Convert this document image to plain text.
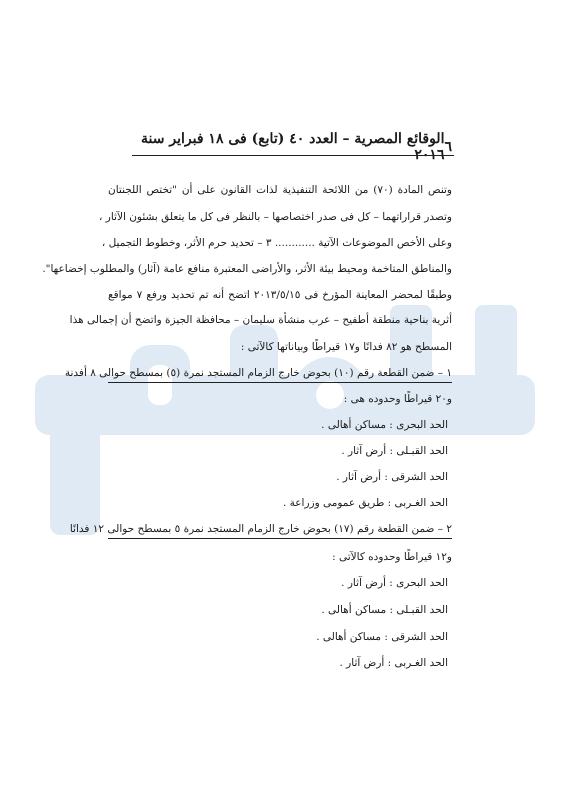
٦
الوقائع المصرية – العدد ٤٠ (تابع) فى ١٨ فبراير سنة ٢٠١٦
وتنص المادة (٧٠) من اللائحة التنفيذية لذات القانون على أن "تختص اللجنتان
وتصدر قراراتهما – كل فى صدر اختصاصها – بالنظر فى كل ما يتعلق بشئون الآثار ،
وعلى الأخص الموضوعات الآتية ............ ٣ – تحديد حرم الأثر، وخطوط التجميل ،
والمناطق المتاخمة ومحيط بيئة الأثر، والأراضى المعتبرة منافع عامة (آثار) والمطلوب إخضاعها".
وطبقًا لمحضر المعاينة المؤرخ فى ٢٠١٣/٥/١٥ اتضح أنه تم تحديد ورفع ٧ مواقع
أثرية بناحية منطقة أطفيح – عرب منشأة سليمان – محافظة الجيزة واتضح أن إجمالى هذا
المسطح هو ٨٢ فدانًا و١٧ قيراطًا وبياناتها كالآتى :
١ – ضمن القطعة رقم (١٠) بحوض خارج الزمام المستجد نمرة (٥) بمسطح حوالى ٨ أفدنة
و٢٠ قيراطًا وحدوده هى :
الحد البحرى : مساكن أهالى .
الحد القبـلى : أرض آثار .
الحد الشرقى : أرض آثار .
الحد الغـربى : طريق عمومى وزراعة .
٢ – ضمن القطعة رقم (١٧) بحوض خارج الزمام المستجد نمرة ٥ بمسطح حوالى ١٢ فدانًا
و١٢ قيراطًا وحدوده كالآتى :
الحد البحرى : أرض آثار .
الحد القبـلى : مساكن أهالى .
الحد الشرقى : مساكن أهالى .
الحد الغـربى : أرض آثار .
